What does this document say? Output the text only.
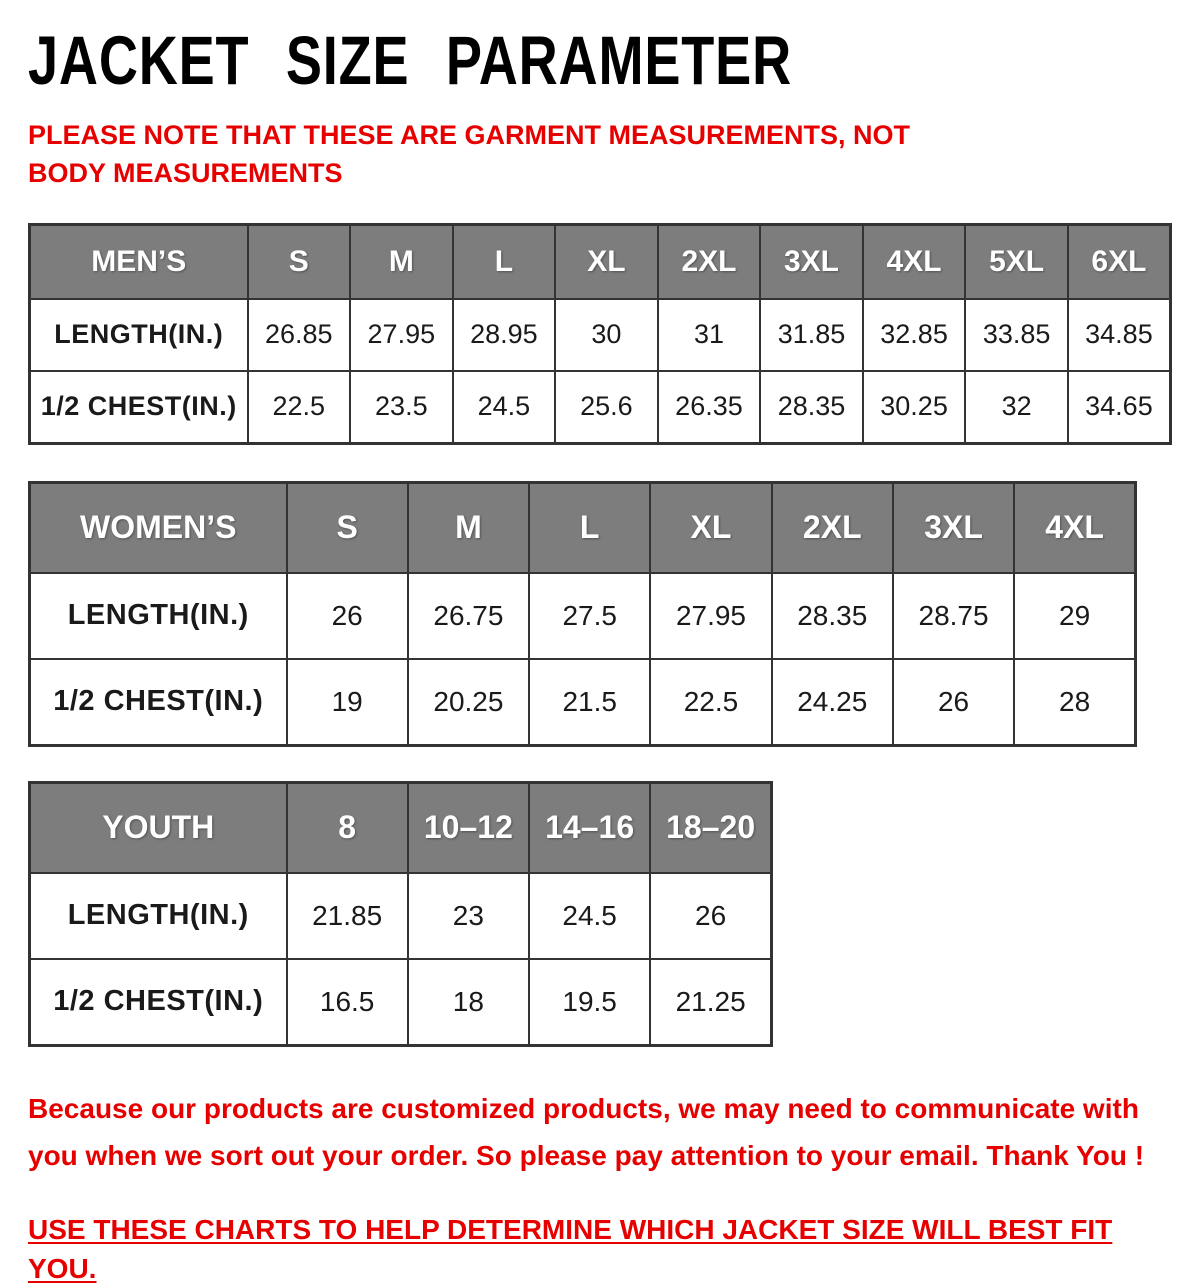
JACKET SIZE PARAMETER
PLEASE NOTE THAT THESE ARE GARMENT MEASUREMENTS, NOT BODY MEASUREMENTS
MEN’S	S	M	L	XL	2XL	3XL	4XL	5XL	6XL
LENGTH(IN.)	26.85	27.95	28.95	30	31	31.85	32.85	33.85	34.85
1/2 CHEST(IN.)	22.5	23.5	24.5	25.6	26.35	28.35	30.25	32	34.65
WOMEN’S	S	M	L	XL	2XL	3XL	4XL
LENGTH(IN.)	26	26.75	27.5	27.95	28.35	28.75	29
1/2 CHEST(IN.)	19	20.25	21.5	22.5	24.25	26	28
YOUTH	8	10–12	14–16	18–20
LENGTH(IN.)	21.85	23	24.5	26
1/2 CHEST(IN.)	16.5	18	19.5	21.25
Because our products are customized products, we may need to communicate with you when we sort out your order. So please pay attention to your email. Thank You !
USE THESE CHARTS TO HELP DETERMINE WHICH JACKET SIZE WILL BEST FIT YOU.
